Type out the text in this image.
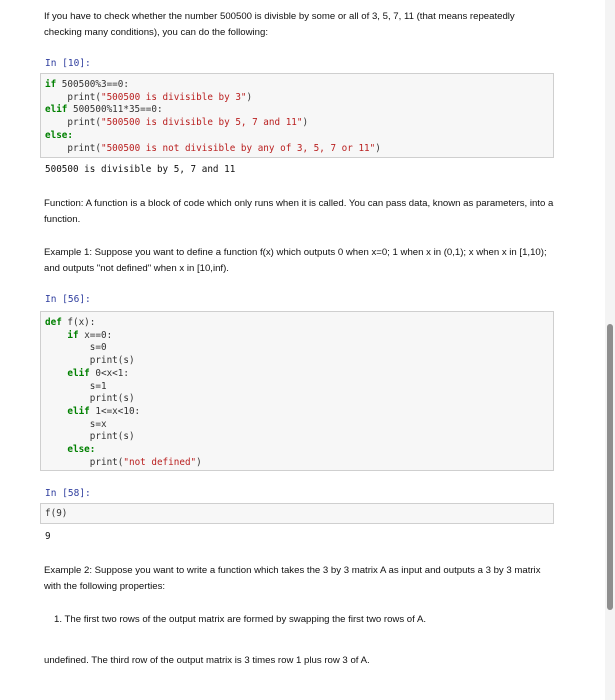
If you have to check whether the number 500500 is divisble by some or all of 3, 5, 7, 11 (that means repeatedly checking many conditions), you can do the following:
In [10]:
if 500500%3==0:
print("500500 is divisible by 3")
elif 500500%11*35==0:
print("500500 is divisible by 5, 7 and 11")
else:
print("500500 is not divisible by any of 3, 5, 7 or 11")
500500 is divisible by 5, 7 and 11
Function: A function is a block of code which only runs when it is called. You can pass data, known as parameters, into a function.
Example 1: Suppose you want to define a function f(x) which outputs 0 when x=0; 1 when x in (0,1); x when x in [1,10); and outputs "not defined" when x in [10,inf).
In [56]:
def f(x):
if x==0:
s=0
print(s)
elif 0<x<1:
s=1
print(s)
elif 1<=x<10:
s=x
print(s)
else:
print("not defined")
In [58]:
f(9)
9
Example 2: Suppose you want to write a function which takes the 3 by 3 matrix A as input and outputs a 3 by 3 matrix with the following properties:
1. The first two rows of the output matrix are formed by swapping the first two rows of A.
undefined. The third row of the output matrix is 3 times row 1 plus row 3 of A.
